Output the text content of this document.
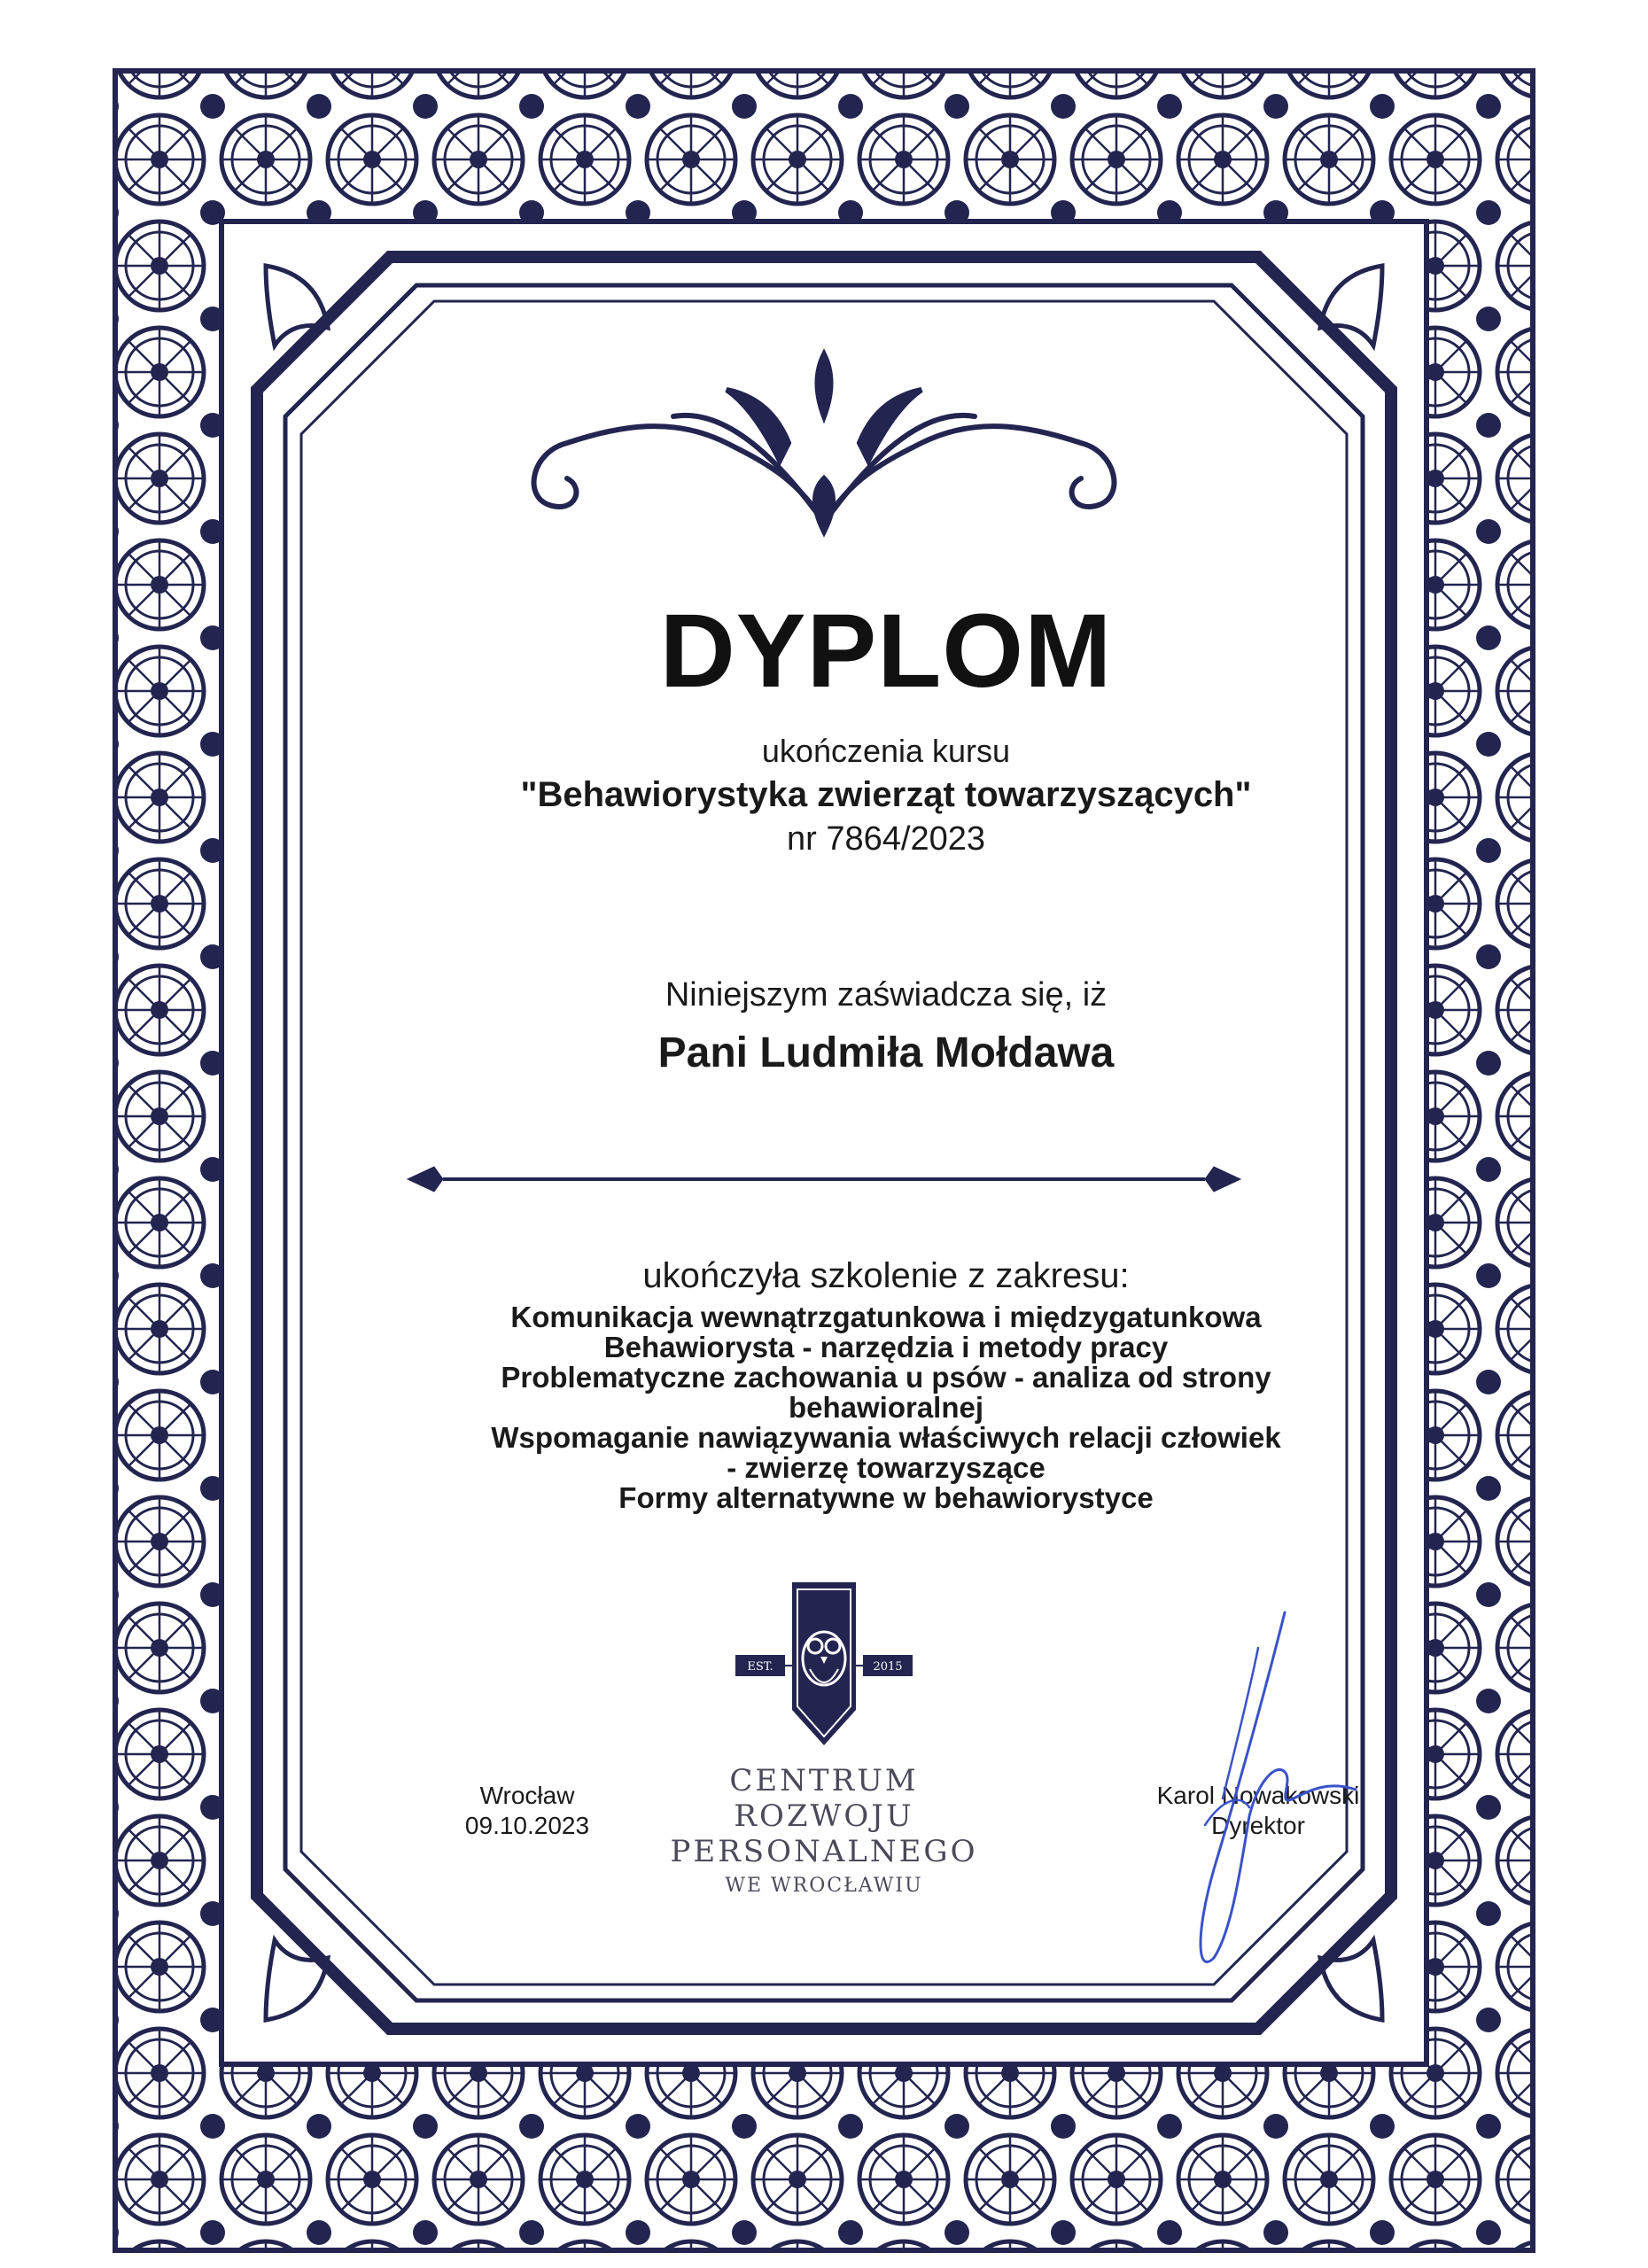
DYPLOM
ukończenia kursu
"Behawiorystyka zwierząt towarzyszących"
nr 7864/2023
Niniejszym zaświadcza się, iż
Pani Ludmiła Mołdawa
ukończyła szkolenie z zakresu:
Komunikacja wewnątrzgatunkowa i międzygatunkowa
Behawiorysta - narzędzia i metody pracy
Problematyczne zachowania u psów - analiza od strony
behawioralnej
Wspomaganie nawiązywania właściwych relacji człowiek
- zwierzę towarzyszące
Formy alternatywne w behawiorystyce
EST.	2015
CENTRUM ROZWOJU
PERSONALNEGO
WE WROCŁAWIU
Wrocław
09.10.2023
Karol Nowakowski
Dyrektor
